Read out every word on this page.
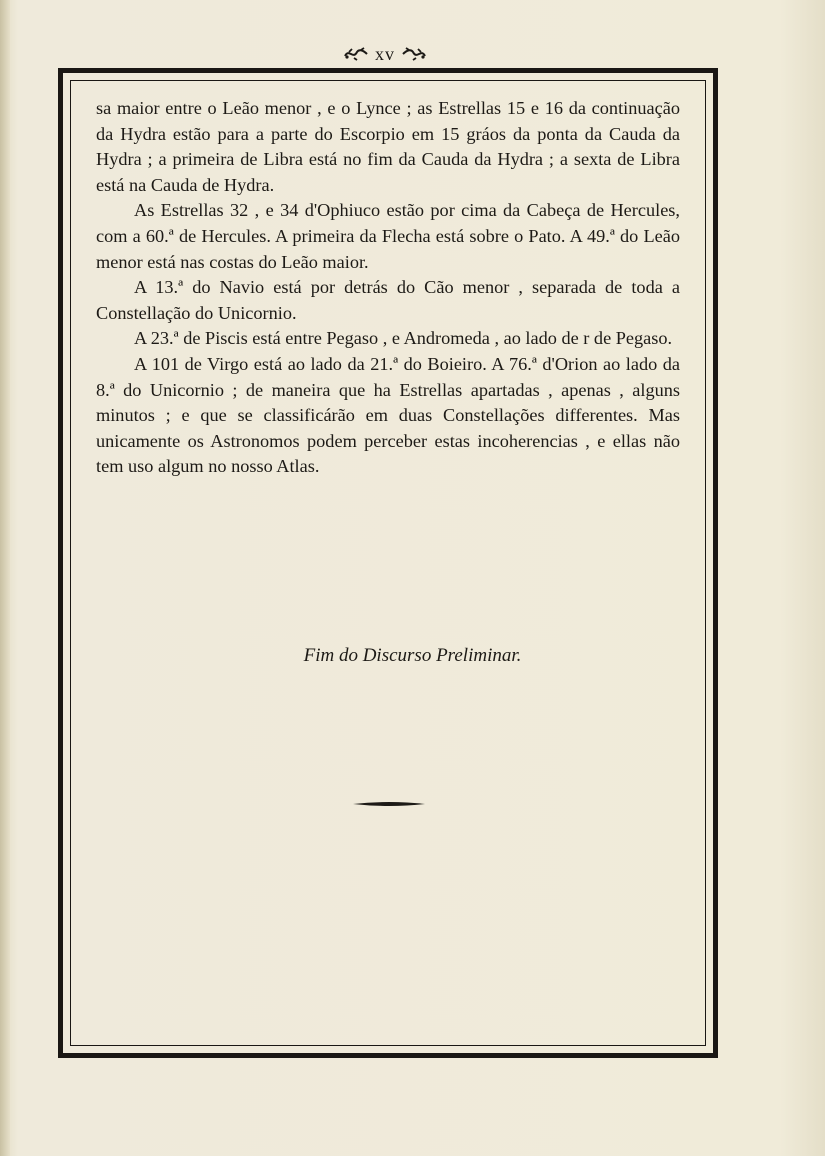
xv

sa maior entre o Leão menor , e o Lynce ; as Estrellas 15 e 16 da continuação da Hydra estão para a parte do Escorpio em 15 gráos da ponta da Cauda da Hydra ; a primeira de Libra está no fim da Cauda da Hydra ; a sexta de Libra está na Cauda de Hydra.

As Estrellas 32 , e 34 d'Ophiuco estão por cima da Cabeça de Hercules, com a 60.ª de Hercules. A primeira da Flecha está sobre o Pato. A 49.ª do Leão menor está nas costas do Leão maior.

A 13.ª do Navio está por detrás do Cão menor , separada de toda a Constellação do Unicornio.

A 23.ª de Piscis está entre Pegaso , e Andromeda , ao lado de r de Pegaso.

A 101 de Virgo está ao lado da 21.ª do Boieiro. A 76.ª d'Orion ao lado da 8.ª do Unicornio ; de maneira que ha Estrellas apartadas , apenas , alguns minutos ; e que se classificárão em duas Constellações differentes. Mas unicamente os Astronomos podem perceber estas incoherencias , e ellas não tem uso algum no nosso Atlas.

Fim do Discurso Preliminar.
